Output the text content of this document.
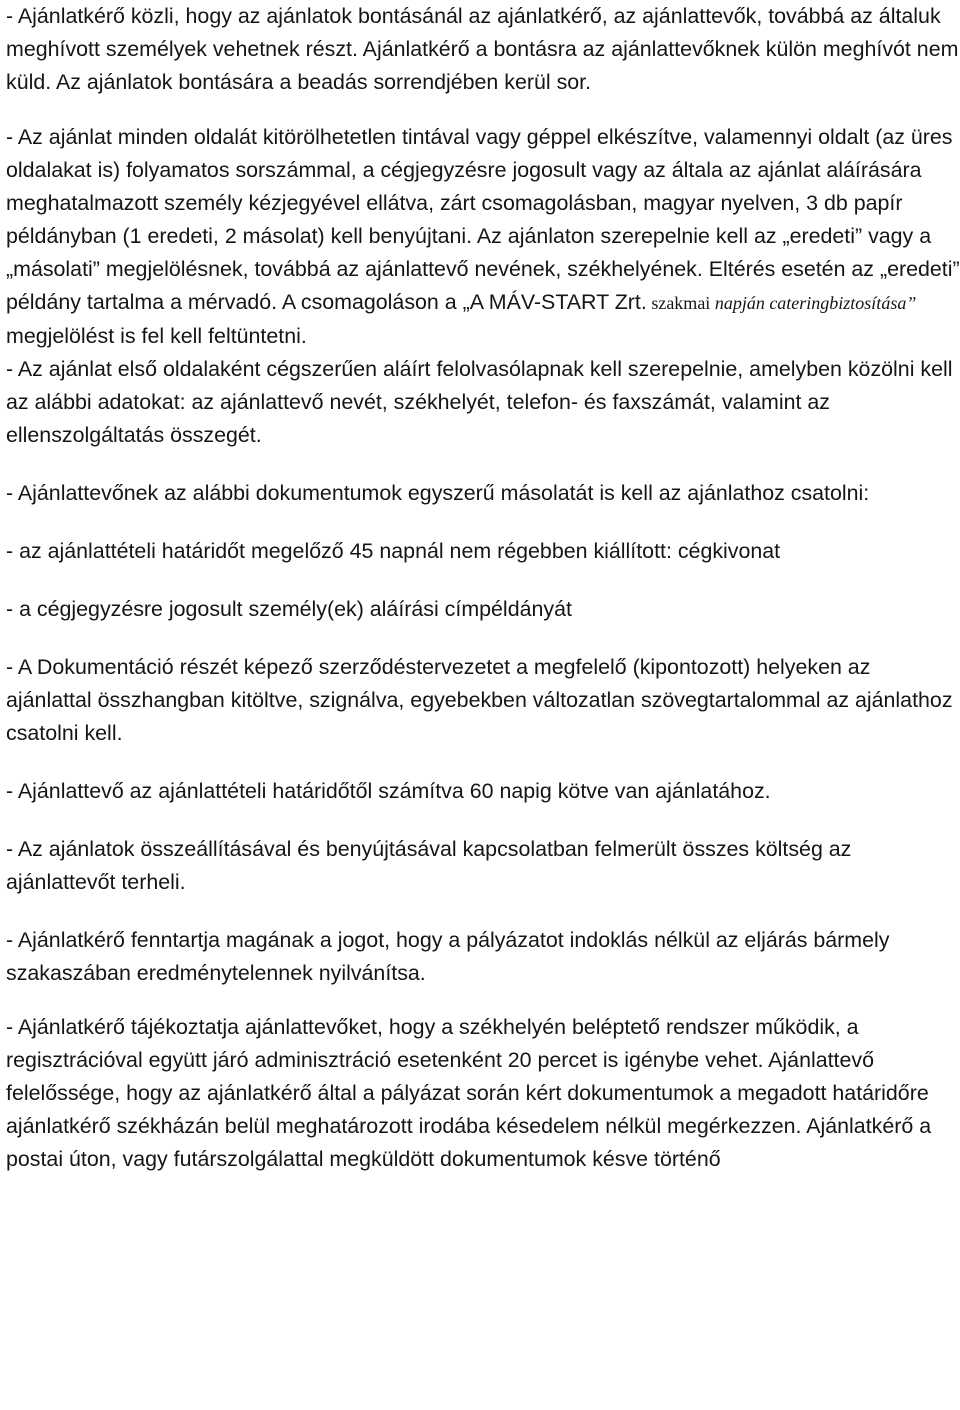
- Ajánlatkérő közli, hogy az ajánlatok bontásánál az ajánlatkérő, az ajánlattevők, továbbá az általuk meghívott személyek vehetnek részt. Ajánlatkérő a bontásra az ajánlattevőknek külön meghívót nem küld. Az ajánlatok bontására a beadás sorrendjében kerül sor.

- Az ajánlat minden oldalát kitörölhetetlen tintával vagy géppel elkészítve, valamennyi oldalt (az üres oldalakat is) folyamatos sorszámmal, a cégjegyzésre jogosult vagy az általa az ajánlat aláírására meghatalmazott személy kézjegyével ellátva, zárt csomagolásban, magyar nyelven, 3 db papír példányban (1 eredeti, 2 másolat) kell benyújtani. Az ajánlaton szerepelnie kell az „eredeti” vagy a „másolati” megjelölésnek, továbbá az ajánlattevő nevének, székhelyének. Eltérés esetén az „eredeti” példány tartalma a mérvadó. A csomagoláson a „A MÁV-START Zrt. szakmai napján cateringbiztosítása”
megjelölést is fel kell feltüntetni.

- Az ajánlat első oldalaként cégszerűen aláírt felolvasólapnak kell szerepelnie, amelyben közölni kell az alábbi adatokat: az ajánlattevő nevét, székhelyét, telefon- és faxszámát, valamint az ellenszolgáltatás összegét.

- Ajánlattevőnek az alábbi dokumentumok egyszerű másolatát is kell az ajánlathoz csatolni:

- az ajánlattételi határidőt megelőző 45 napnál nem régebben kiállított: cégkivonat

- a cégjegyzésre jogosult személy(ek) aláírási címpéldányát

- A Dokumentáció részét képező szerződéstervezetet a megfelelő (kipontozott) helyeken az ajánlattal összhangban kitöltve, szignálva, egyebekben változatlan szövegtartalommal az ajánlathoz csatolni kell.

- Ajánlattevő az ajánlattételi határidőtől számítva 60 napig kötve van ajánlatához.

- Az ajánlatok összeállításával és benyújtásával kapcsolatban felmerült összes költség az ajánlattevőt terheli.

- Ajánlatkérő fenntartja magának a jogot, hogy a pályázatot indoklás nélkül az eljárás bármely szakaszában eredménytelennek nyilvánítsa.

- Ajánlatkérő tájékoztatja ajánlattevőket, hogy a székhelyén beléptető rendszer működik, a regisztrációval együtt járó adminisztráció esetenként 20 percet is igénybe vehet. Ajánlattevő felelőssége, hogy az ajánlatkérő által a pályázat során kért dokumentumok a megadott határidőre ajánlatkérő székházán belül meghatározott irodába késedelem nélkül megérkezzen. Ajánlatkérő a postai úton, vagy futárszolgálattal megküldött dokumentumok késve történő
